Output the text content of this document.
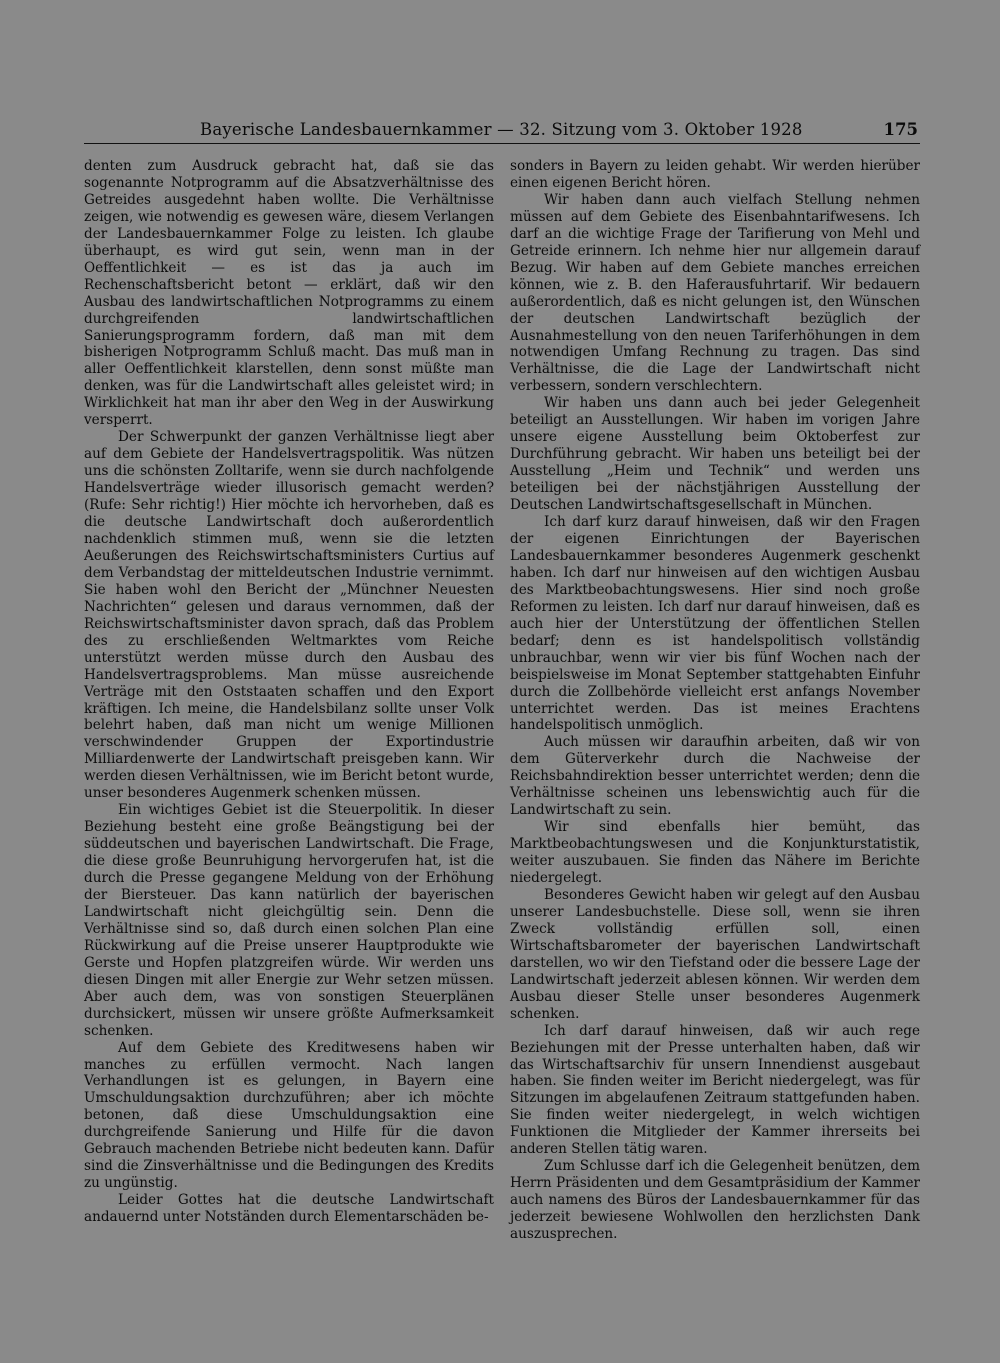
Bayerische Landesbauernkammer — 32. Sitzung vom 3. Oktober 1928	175

denten zum Ausdruck gebracht hat, daß sie das sogenannte Notprogramm auf die Absatzverhältnisse des Getreides ausgedehnt haben wollte. Die Verhältnisse zeigen, wie notwendig es gewesen wäre, diesem Verlangen der Landesbauernkammer Folge zu leisten. Ich glaube überhaupt, es wird gut sein, wenn man in der Oeffentlichkeit — es ist das ja auch im Rechenschaftsbericht betont — erklärt, daß wir den Ausbau des landwirtschaftlichen Notprogramms zu einem durchgreifenden landwirtschaftlichen Sanierungsprogramm fordern, daß man mit dem bisherigen Notprogramm Schluß macht. Das muß man in aller Oeffentlichkeit klarstellen, denn sonst müßte man denken, was für die Landwirtschaft alles geleistet wird; in Wirklichkeit hat man ihr aber den Weg in der Auswirkung versperrt.

Der Schwerpunkt der ganzen Verhältnisse liegt aber auf dem Gebiete der Handelsvertragspolitik. Was nützen uns die schönsten Zolltarife, wenn sie durch nachfolgende Handelsverträge wieder illusorisch gemacht werden? (Rufe: Sehr richtig!) Hier möchte ich hervorheben, daß es die deutsche Landwirtschaft doch außerordentlich nachdenklich stimmen muß, wenn sie die letzten Aeußerungen des Reichswirtschaftsministers Curtius auf dem Verbandstag der mitteldeutschen Industrie vernimmt. Sie haben wohl den Bericht der „Münchner Neuesten Nachrichten“ gelesen und daraus vernommen, daß der Reichswirtschaftsminister davon sprach, daß das Problem des zu erschließenden Weltmarktes vom Reiche unterstützt werden müsse durch den Ausbau des Handelsvertragsproblems. Man müsse ausreichende Verträge mit den Oststaaten schaffen und den Export kräftigen. Ich meine, die Handelsbilanz sollte unser Volk belehrt haben, daß man nicht um wenige Millionen verschwindender Gruppen der Exportindustrie Milliardenwerte der Landwirtschaft preisgeben kann. Wir werden diesen Verhältnissen, wie im Bericht betont wurde, unser besonderes Augenmerk schenken müssen.

Ein wichtiges Gebiet ist die Steuerpolitik. In dieser Beziehung besteht eine große Beängstigung bei der süddeutschen und bayerischen Landwirtschaft. Die Frage, die diese große Beunruhigung hervorgerufen hat, ist die durch die Presse gegangene Meldung von der Erhöhung der Biersteuer. Das kann natürlich der bayerischen Landwirtschaft nicht gleichgültig sein. Denn die Verhältnisse sind so, daß durch einen solchen Plan eine Rückwirkung auf die Preise unserer Hauptprodukte wie Gerste und Hopfen platzgreifen würde. Wir werden uns diesen Dingen mit aller Energie zur Wehr setzen müssen. Aber auch dem, was von sonstigen Steuerplänen durchsickert, müssen wir unsere größte Aufmerksamkeit schenken.

Auf dem Gebiete des Kreditwesens haben wir manches zu erfüllen vermocht. Nach langen Verhandlungen ist es gelungen, in Bayern eine Umschuldungsaktion durchzuführen; aber ich möchte betonen, daß diese Umschuldungsaktion eine durchgreifende Sanierung und Hilfe für die davon Gebrauch machenden Betriebe nicht bedeuten kann. Dafür sind die Zinsverhältnisse und die Bedingungen des Kredits zu ungünstig.

Leider Gottes hat die deutsche Landwirtschaft andauernd unter Notständen durch Elementarschäden be-

sonders in Bayern zu leiden gehabt. Wir werden hierüber einen eigenen Bericht hören.

Wir haben dann auch vielfach Stellung nehmen müssen auf dem Gebiete des Eisenbahntarifwesens. Ich darf an die wichtige Frage der Tarifierung von Mehl und Getreide erinnern. Ich nehme hier nur allgemein darauf Bezug. Wir haben auf dem Gebiete manches erreichen können, wie z. B. den Haferausfuhrtarif. Wir bedauern außerordentlich, daß es nicht gelungen ist, den Wünschen der deutschen Landwirtschaft bezüglich der Ausnahmestellung von den neuen Tariferhöhungen in dem notwendigen Umfang Rechnung zu tragen. Das sind Verhältnisse, die die Lage der Landwirtschaft nicht verbessern, sondern verschlechtern.

Wir haben uns dann auch bei jeder Gelegenheit beteiligt an Ausstellungen. Wir haben im vorigen Jahre unsere eigene Ausstellung beim Oktoberfest zur Durchführung gebracht. Wir haben uns beteiligt bei der Ausstellung „Heim und Technik“ und werden uns beteiligen bei der nächstjährigen Ausstellung der Deutschen Landwirtschaftsgesellschaft in München.

Ich darf kurz darauf hinweisen, daß wir den Fragen der eigenen Einrichtungen der Bayerischen Landesbauernkammer besonderes Augenmerk geschenkt haben. Ich darf nur hinweisen auf den wichtigen Ausbau des Marktbeobachtungswesens. Hier sind noch große Reformen zu leisten. Ich darf nur darauf hinweisen, daß es auch hier der Unterstützung der öffentlichen Stellen bedarf; denn es ist handelspolitisch vollständig unbrauchbar, wenn wir vier bis fünf Wochen nach der beispielsweise im Monat September stattgehabten Einfuhr durch die Zollbehörde vielleicht erst anfangs November unterrichtet werden. Das ist meines Erachtens handelspolitisch unmöglich.

Auch müssen wir daraufhin arbeiten, daß wir von dem Güterverkehr durch die Nachweise der Reichsbahndirektion besser unterrichtet werden; denn die Verhältnisse scheinen uns lebenswichtig auch für die Landwirtschaft zu sein.

Wir sind ebenfalls hier bemüht, das Marktbeobachtungswesen und die Konjunkturstatistik, weiter auszubauen. Sie finden das Nähere im Berichte niedergelegt.

Besonderes Gewicht haben wir gelegt auf den Ausbau unserer Landesbuchstelle. Diese soll, wenn sie ihren Zweck vollständig erfüllen soll, einen Wirtschaftsbarometer der bayerischen Landwirtschaft darstellen, wo wir den Tiefstand oder die bessere Lage der Landwirtschaft jederzeit ablesen können. Wir werden dem Ausbau dieser Stelle unser besonderes Augenmerk schenken.

Ich darf darauf hinweisen, daß wir auch rege Beziehungen mit der Presse unterhalten haben, daß wir das Wirtschaftsarchiv für unsern Innendienst ausgebaut haben. Sie finden weiter im Bericht niedergelegt, was für Sitzungen im abgelaufenen Zeitraum stattgefunden haben. Sie finden weiter niedergelegt, in welch wichtigen Funktionen die Mitglieder der Kammer ihrerseits bei anderen Stellen tätig waren.

Zum Schlusse darf ich die Gelegenheit benützen, dem Herrn Präsidenten und dem Gesamtpräsidium der Kammer auch namens des Büros der Landesbauernkammer für das jederzeit bewiesene Wohlwollen den herzlichsten Dank auszusprechen.
